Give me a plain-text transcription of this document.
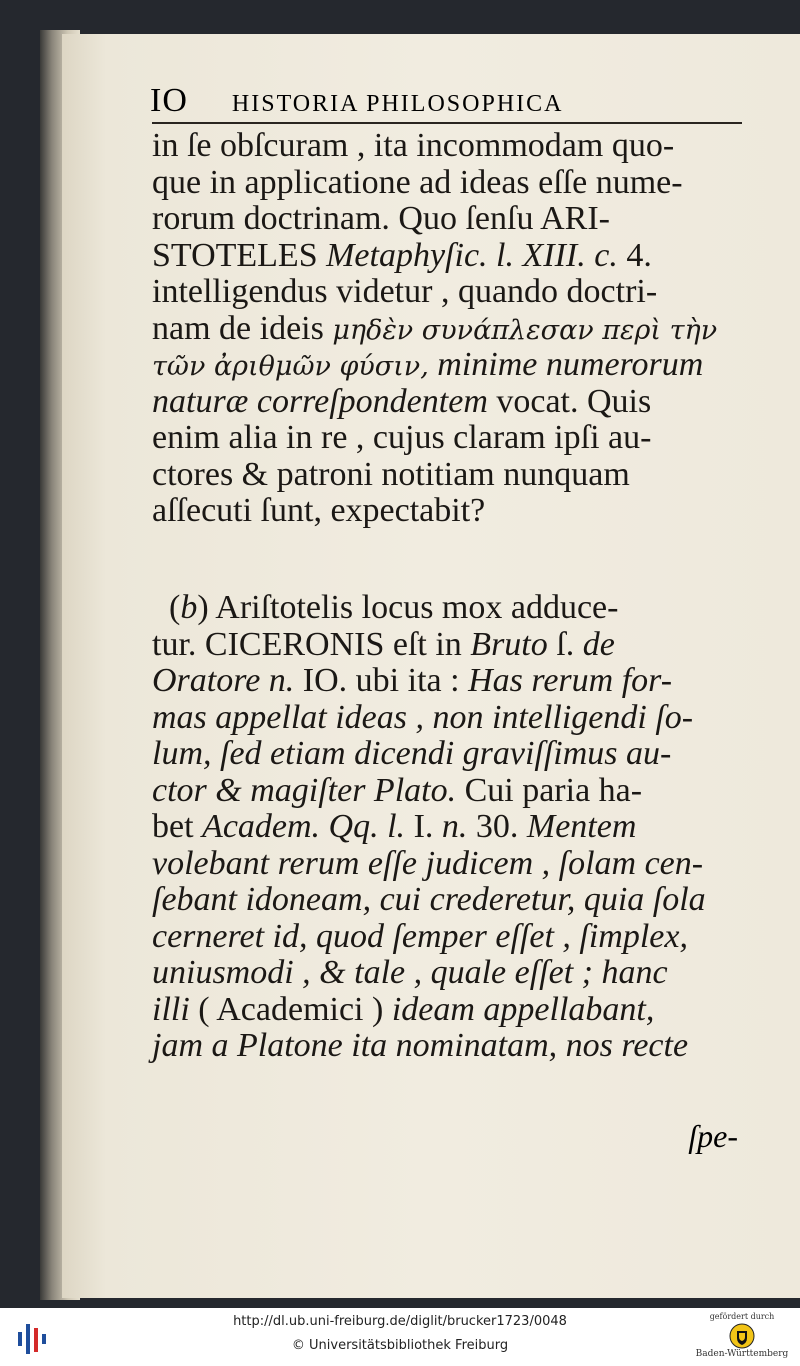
IO HISTORIA PHILOSOPHICA
in ſe obſcuram , ita incommodam quo-
que in applicatione ad ideas eſſe nume-
rorum doctrinam. Quo ſenſu ARI-
STOTELES Metaphyſic. l. XIII. c. 4.
intelligendus videtur , quando doctri-
nam de ideis μηδὲν συνάπλεσαν περὶ τὴν
τῶν ἀριθμῶν φύσιν, minime numerorum
naturæ correſpondentem vocat. Quis
enim alia in re , cujus claram ipſi au-
ctores & patroni notitiam nunquam
aſſecuti ſunt, expectabit?
(b) Ariſtotelis locus mox adduce-
tur. CICERONIS eſt in Bruto ſ. de
Oratore n. IO. ubi ita : Has rerum for-
mas appellat ideas , non intelligendi ſo-
lum, ſed etiam dicendi graviſſimus au-
ctor & magiſter Plato. Cui paria ha-
bet Academ. Qq. l. I. n. 30. Mentem
volebant rerum eſſe judicem , ſolam cen-
ſebant idoneam, cui crederetur, quia ſola
cerneret id, quod ſemper eſſet , ſimplex,
uniusmodi , & tale , quale eſſet ; hanc
illi ( Academici ) ideam appellabant,
jam a Platone ita nominatam, nos recte
ſpe-
http://dl.ub.uni-freiburg.de/diglit/brucker1723/0048
© Universitätsbibliothek Freiburg
gefördert durch
Baden-Württemberg
